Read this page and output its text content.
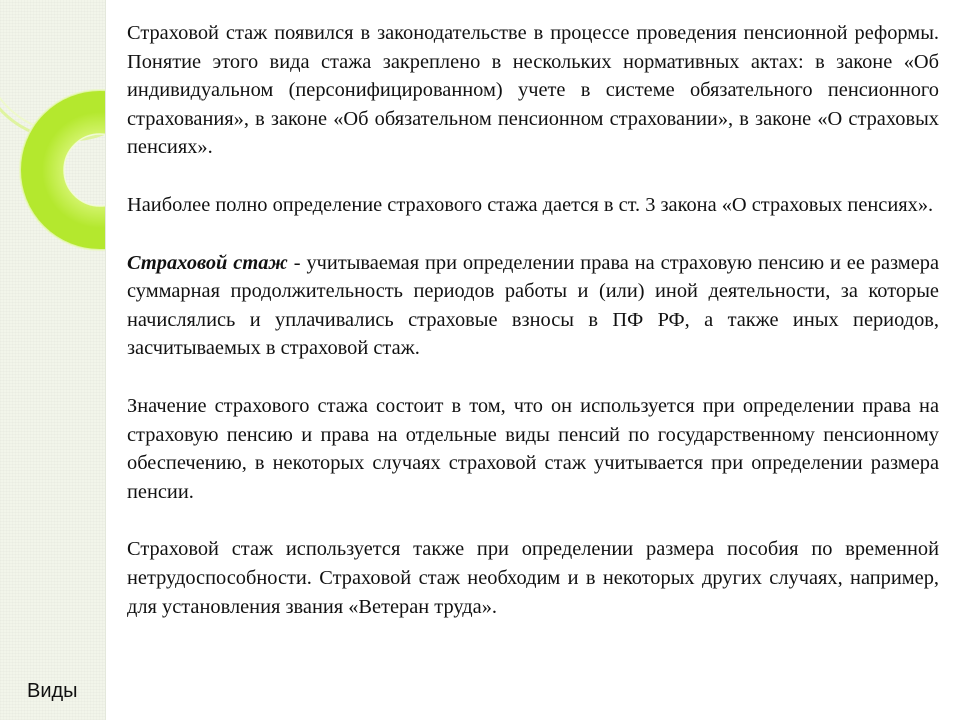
Страховой стаж появился в законодательстве в процессе проведения пенсионной реформы. Понятие этого вида стажа закреплено в нескольких нормативных актах: в законе «Об индивидуальном (персонифицированном) учете в системе обязательного пенсионного страхования», в законе «Об обязательном пенсионном страховании», в законе «О страховых пенсиях».

Наиболее полно определение страхового стажа дается в ст. 3 закона «О страховых пенсиях».

Страховой стаж - учитываемая при определении права на страховую пенсию и ее размера суммарная продолжительность периодов работы и (или) иной деятельности, за которые начислялись и уплачивались страховые взносы в ПФ РФ, а также иных периодов, засчитываемых в страховой стаж.

Значение страхового стажа состоит в том, что он используется при определении права на страховую пенсию и права на отдельные виды пенсий по государственному пенсионному обеспечению, в некоторых случаях страховой стаж учитывается при определении размера пенсии.

Страховой стаж используется также при определении размера пособия по временной нетрудоспособности. Страховой стаж необходим и в некоторых других случаях, например, для установления звания «Ветеран труда».

Виды
